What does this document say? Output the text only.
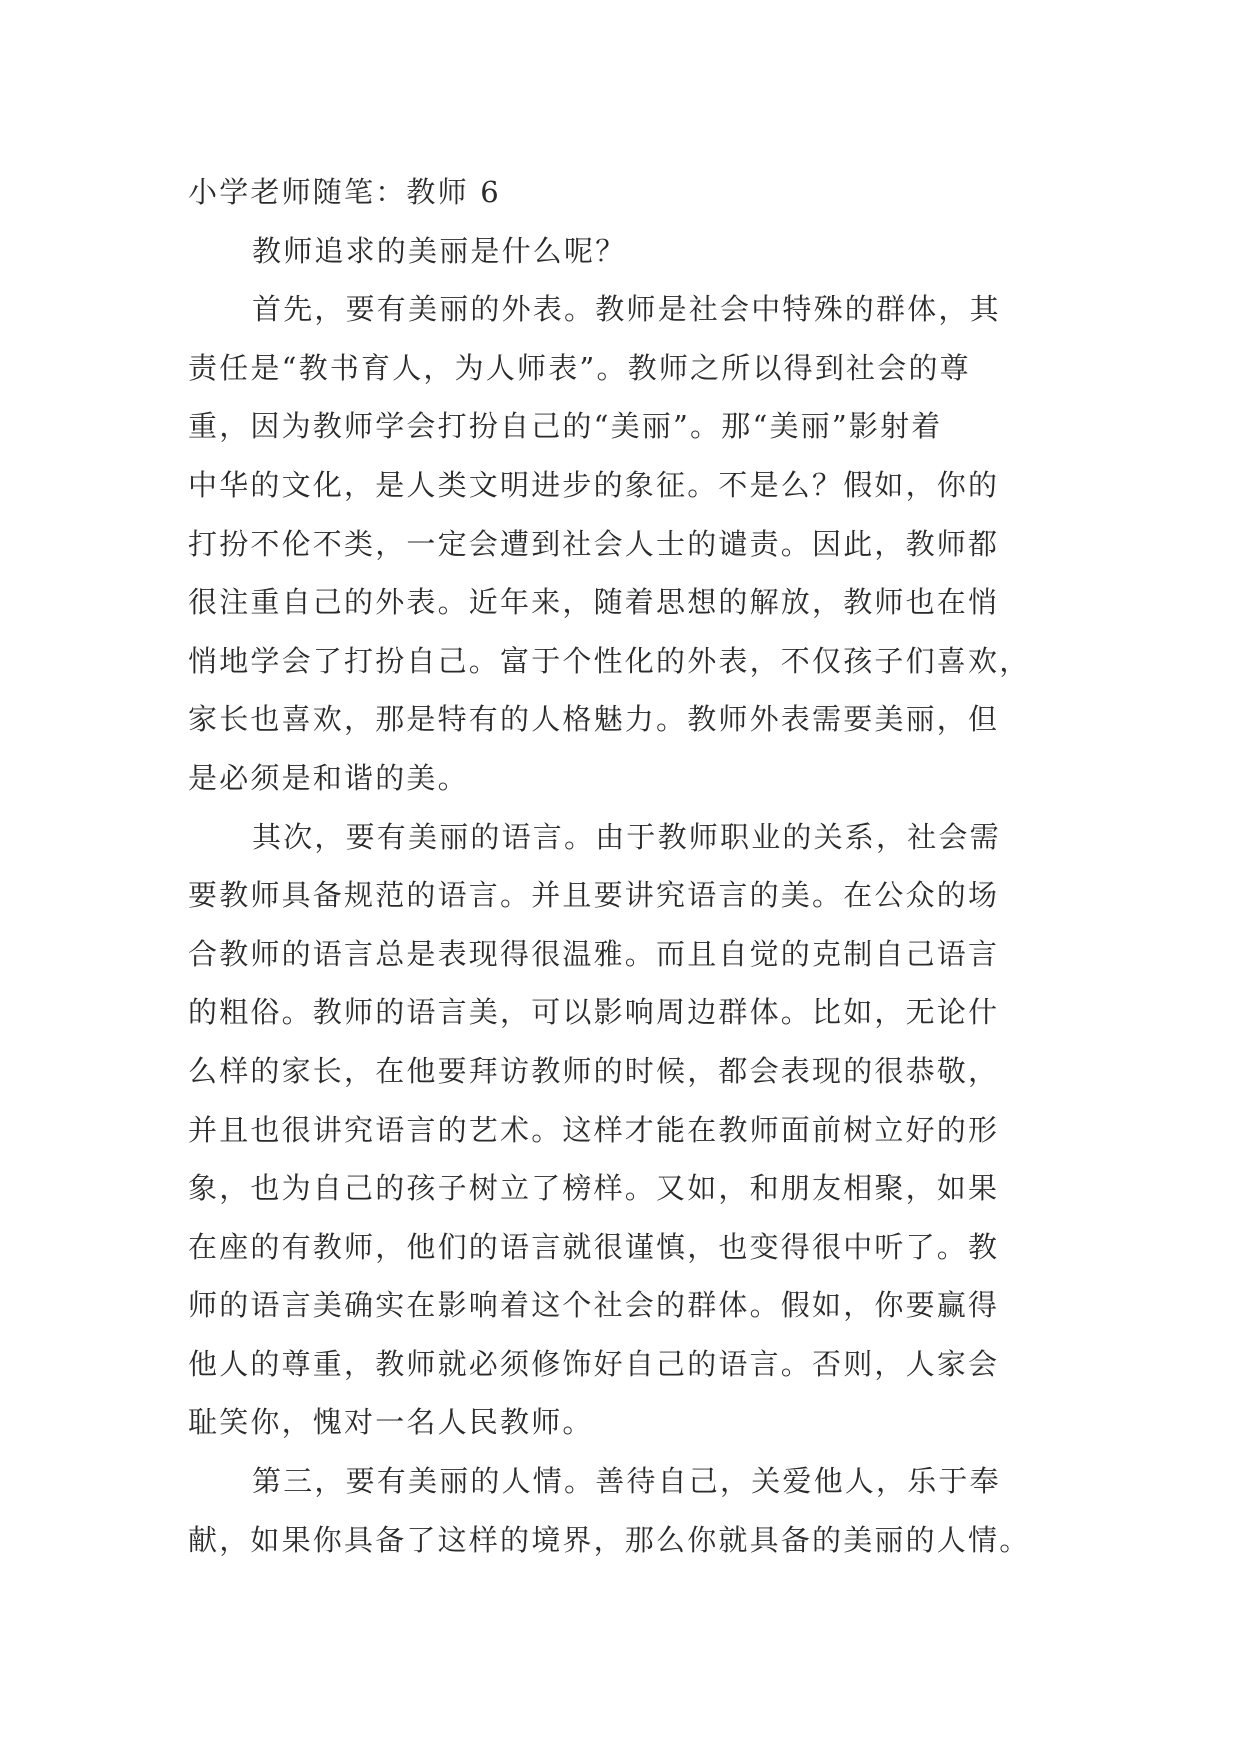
小学老师随笔：教师 6
教师追求的美丽是什么呢？
首先，要有美丽的外表。教师是社会中特殊的群体，其
责任是“教书育人，为人师表”。教师之所以得到社会的尊
重，因为教师学会打扮自己的“美丽”。那“美丽”影射着
中华的文化，是人类文明进步的象征。不是么？假如，你的
打扮不伦不类，一定会遭到社会人士的谴责。因此，教师都
很注重自己的外表。近年来，随着思想的解放，教师也在悄
悄地学会了打扮自己。富于个性化的外表，不仅孩子们喜欢，
家长也喜欢，那是特有的人格魅力。教师外表需要美丽，但
是必须是和谐的美。
其次，要有美丽的语言。由于教师职业的关系，社会需
要教师具备规范的语言。并且要讲究语言的美。在公众的场
合教师的语言总是表现得很温雅。而且自觉的克制自己语言
的粗俗。教师的语言美，可以影响周边群体。比如，无论什
么样的家长，在他要拜访教师的时候，都会表现的很恭敬，
并且也很讲究语言的艺术。这样才能在教师面前树立好的形
象，也为自己的孩子树立了榜样。又如，和朋友相聚，如果
在座的有教师，他们的语言就很谨慎，也变得很中听了。教
师的语言美确实在影响着这个社会的群体。假如，你要赢得
他人的尊重，教师就必须修饰好自己的语言。否则，人家会
耻笑你，愧对一名人民教师。
第三，要有美丽的人情。善待自己，关爱他人，乐于奉
献，如果你具备了这样的境界，那么你就具备的美丽的人情。
